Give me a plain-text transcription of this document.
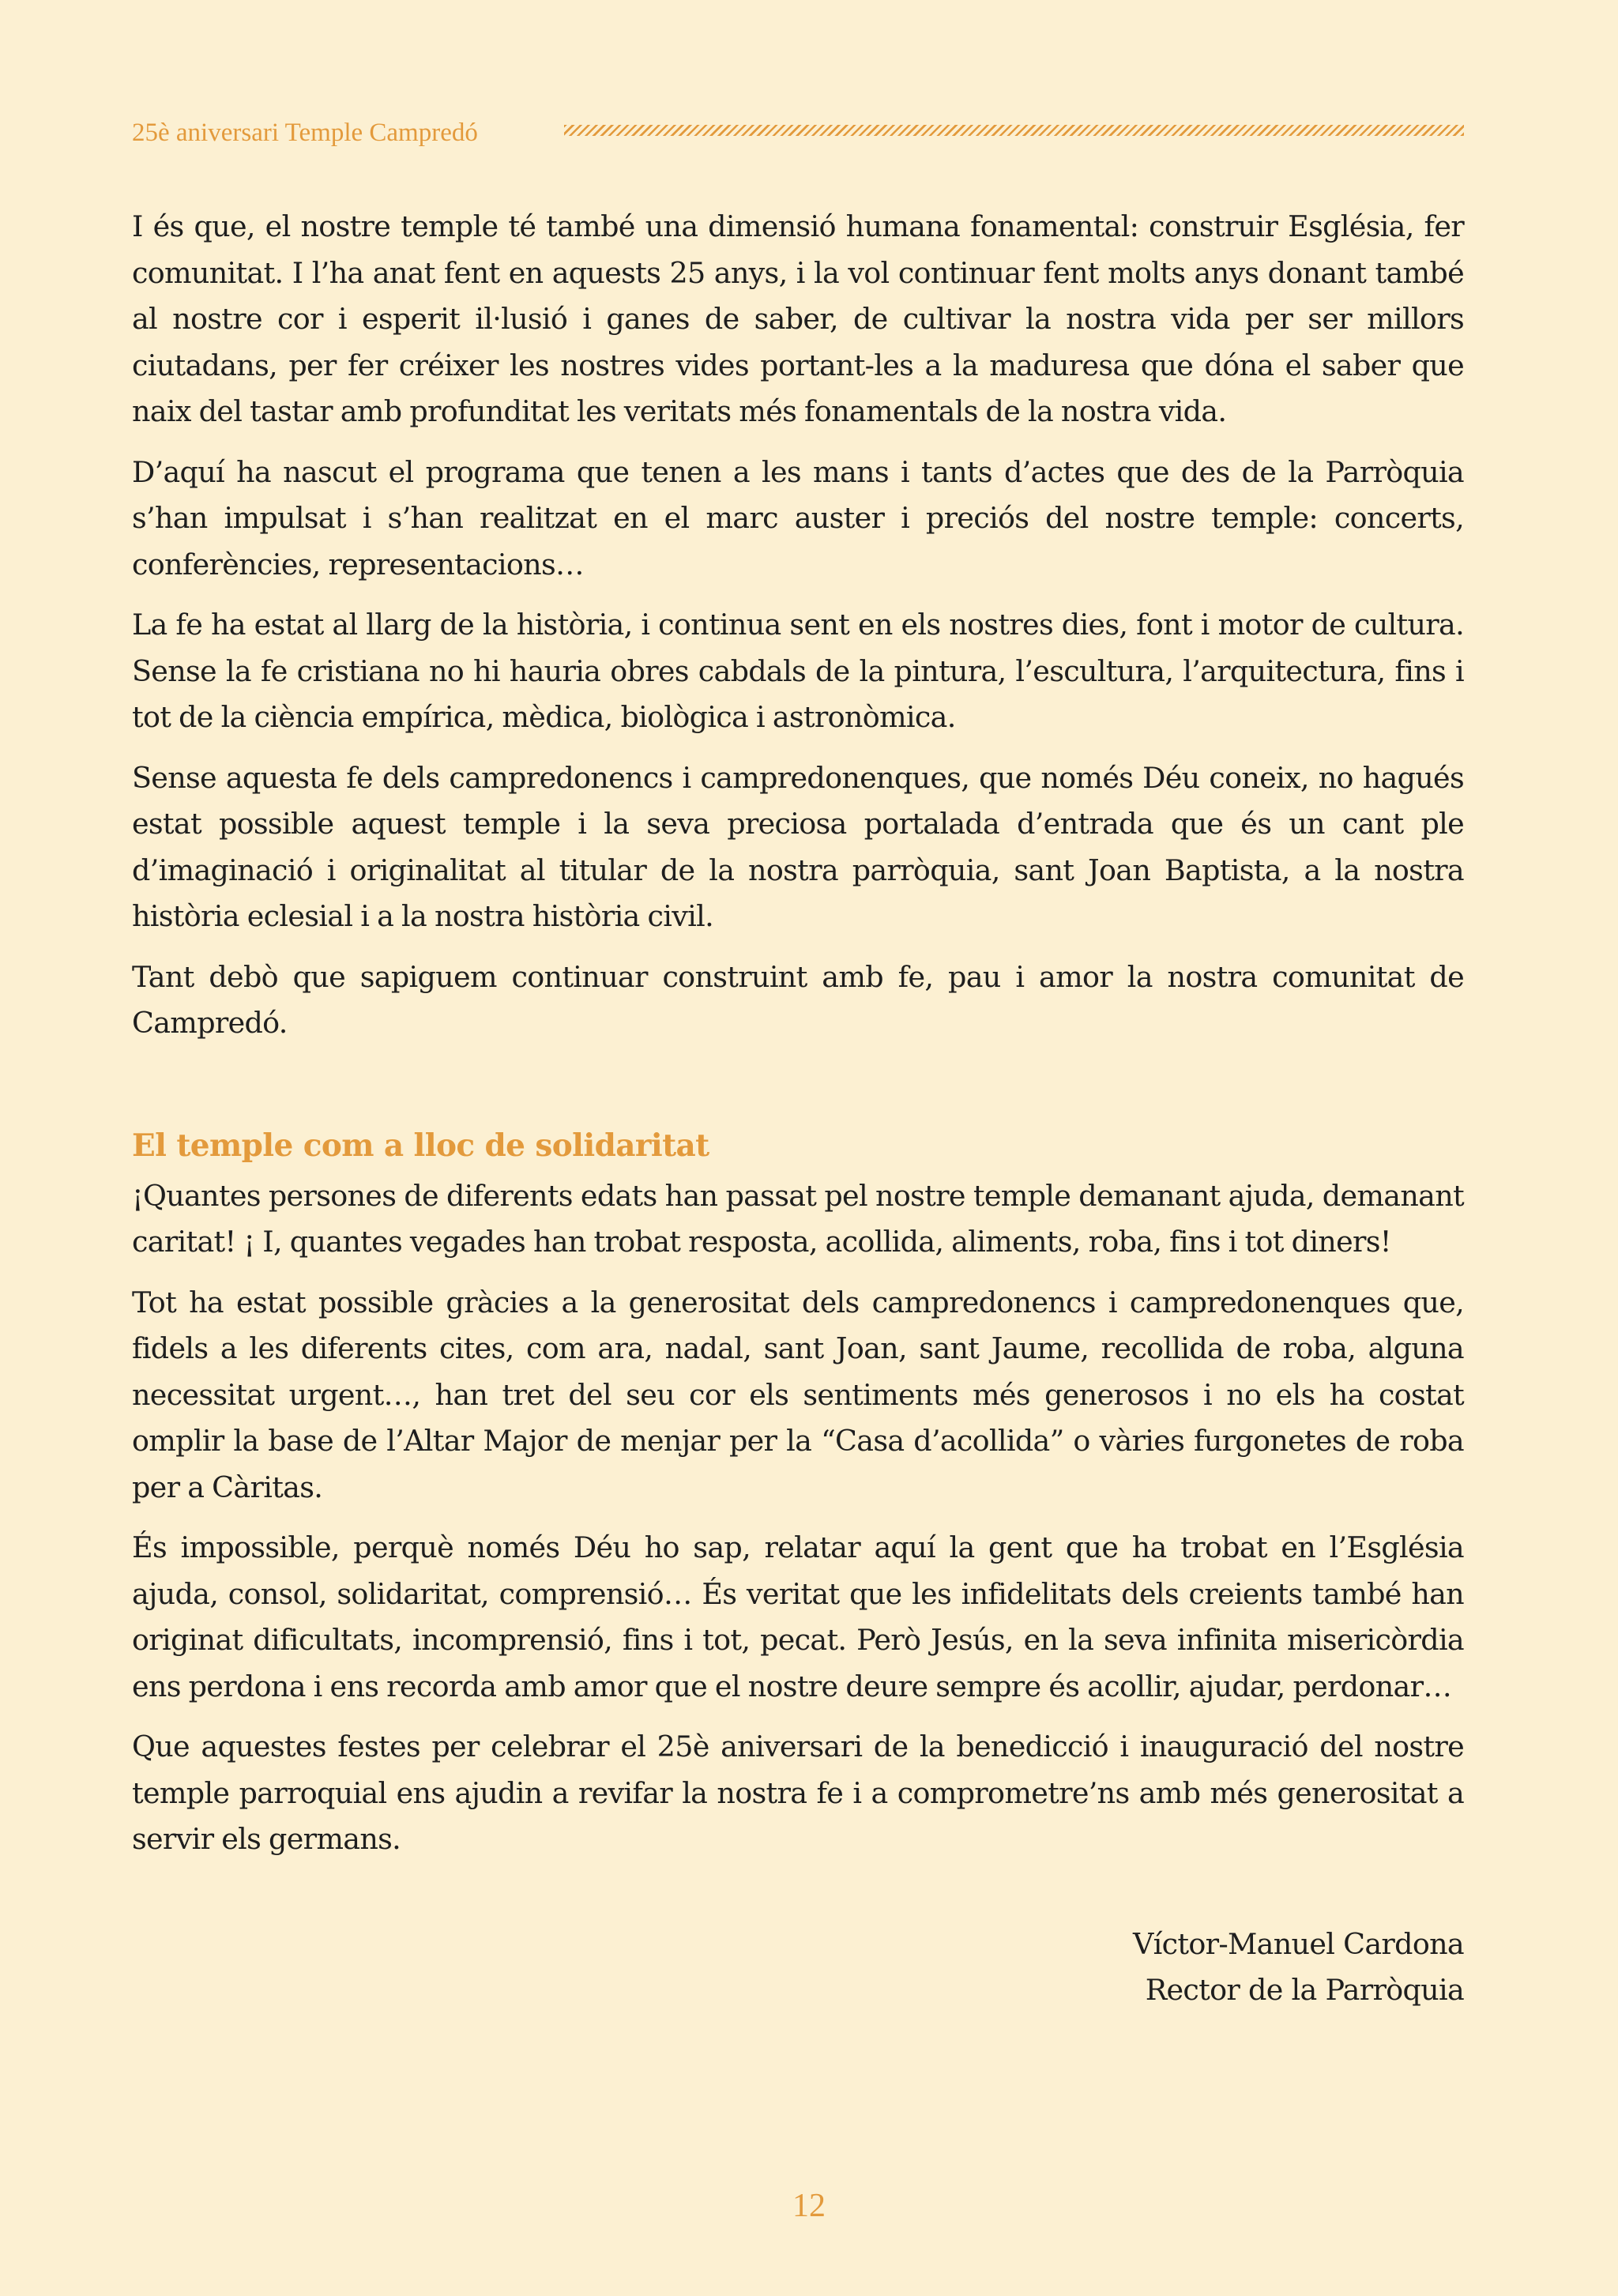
25è aniversari Temple Campredó

I és que, el nostre temple té també una dimensió humana fonamental: construir Església, fer comunitat. I l’ha anat fent en aquests 25 anys, i la vol continuar fent molts anys donant també al nostre cor i esperit il·lusió i ganes de saber, de cultivar la nostra vida per ser millors ciutadans, per fer créixer les nostres vides portant-les a la maduresa que dóna el saber que naix del tastar amb profunditat les veritats més fonamentals de la nostra vida.

D’aquí ha nascut el programa que tenen a les mans i tants d’actes que des de la Parròquia s’han impulsat i s’han realitzat en el marc auster i preciós del nostre temple: concerts, conferències, representacions…

La fe ha estat al llarg de la història, i continua sent en els nostres dies, font i motor de cultura. Sense la fe cristiana no hi hauria obres cabdals de la pintura, l’escultura, l’arquitectura, fins i tot de la ciència empírica, mèdica, biològica i astronòmica.

Sense aquesta fe dels campredonencs i campredonenques, que només Déu coneix, no hagués estat possible aquest temple i la seva preciosa portalada d’entrada que és un cant ple d’imaginació i originalitat al titular de la nostra parròquia, sant Joan Baptista, a la nostra història eclesial i a la nostra història civil.

Tant debò que sapiguem continuar construint amb fe, pau i amor la nostra comunitat de Campredó.

El temple com a lloc de solidaritat

¡Quantes persones de diferents edats han passat pel nostre temple demanant ajuda, demanant caritat! ¡ I, quantes vegades han trobat resposta, acollida, aliments, roba, fins i tot diners!

Tot ha estat possible gràcies a la generositat dels campredonencs i campredonenques que, fidels a les diferents cites, com ara, nadal, sant Joan, sant Jaume, recollida de roba, alguna necessitat urgent…, han tret del seu cor els sentiments més generosos i no els ha costat omplir la base de l’Altar Major de menjar per la “Casa d’acollida” o vàries furgonetes de roba per a Càritas.

És impossible, perquè només Déu ho sap, relatar aquí la gent que ha trobat en l’Església ajuda, consol, solidaritat, comprensió… És veritat que les infidelitats dels creients també han originat dificultats, incomprensió, fins i tot, pecat. Però Jesús, en la seva infinita misericòrdia ens perdona i ens recorda amb amor que el nostre deure sempre és acollir, ajudar, perdonar…

Que aquestes festes per celebrar el 25è aniversari de la benedicció i inauguració del nostre temple parroquial ens ajudin a revifar la nostra fe i a comprometre’ns amb més generositat a servir els germans.

Víctor-Manuel Cardona
Rector de la Parròquia
12
